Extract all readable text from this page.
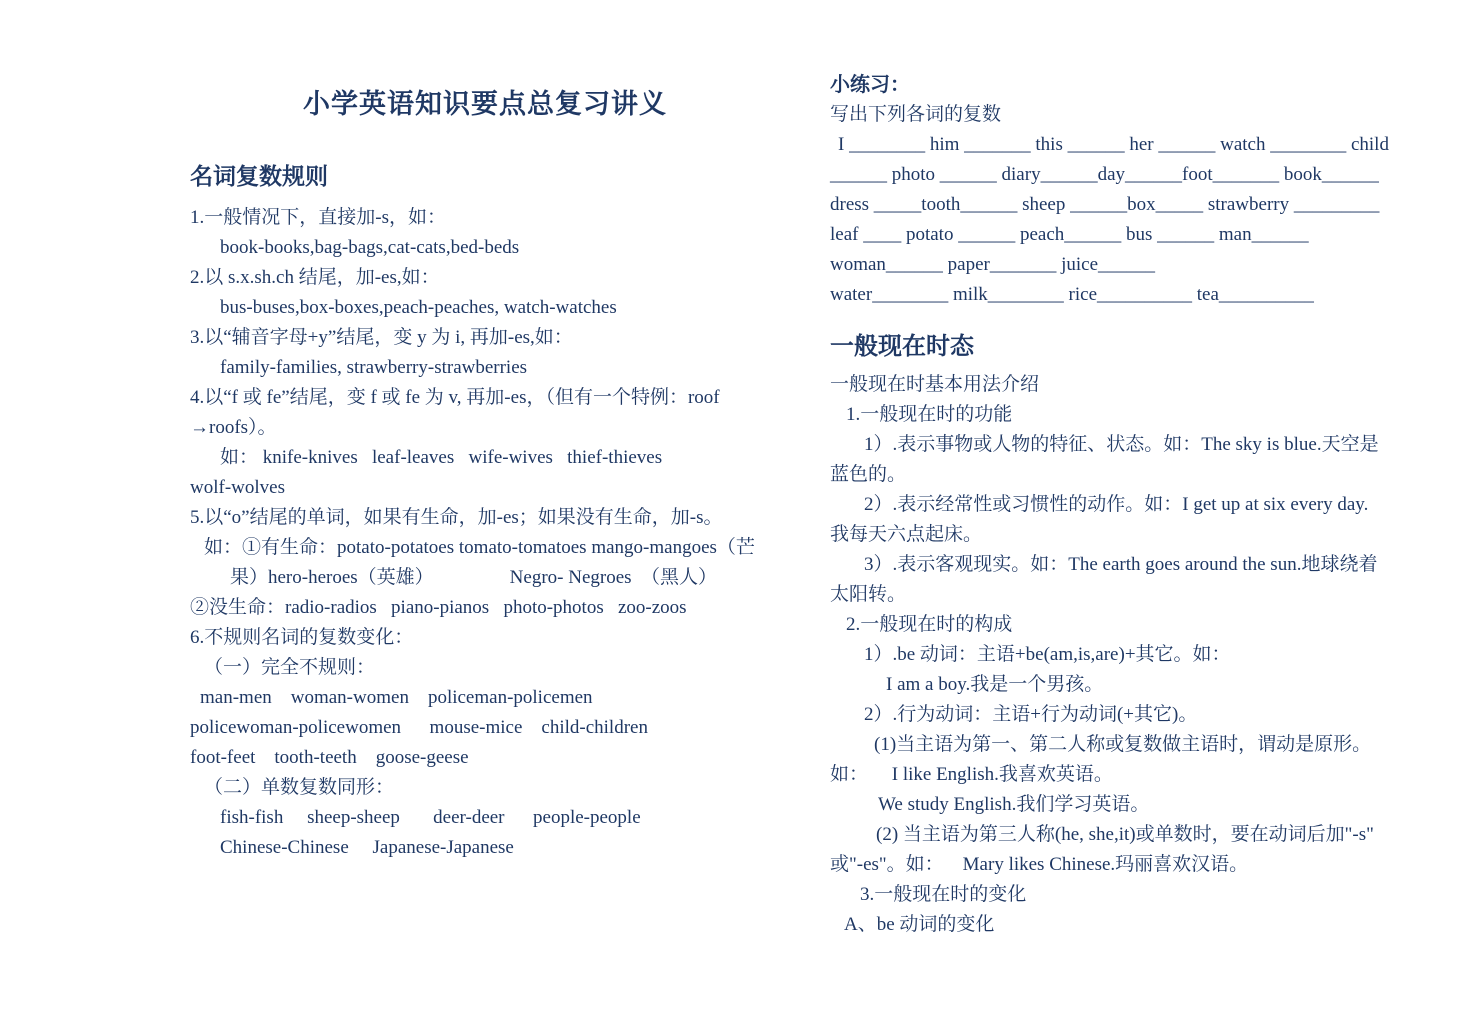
小学英语知识要点总复习讲义
名词复数规则
1.一般情况下，直接加-s，如：
book-books,bag-bags,cat-cats,bed-beds
2.以 s.x.sh.ch 结尾，加-es,如：
bus-buses,box-boxes,peach-peaches, watch-watches
3.以“辅音字母+y”结尾，变 y 为 i, 再加-es,如：
family-families, strawberry-strawberries
4.以“f 或 fe”结尾，变 f 或 fe 为 v, 再加-es，（但有一个特例：roof
→roofs）。
如： knife-knives   leaf-leaves   wife-wives   thief-thieves
wolf-wolves
5.以“o”结尾的单词，如果有生命，加-es；如果没有生命，加-s。
如：①有生命：potato-potatoes tomato-tomatoes mango-mangoes（芒
果）hero-heroes（英雄）                Negro- Negroes  （黑人）
②没生命：radio-radios   piano-pianos   photo-photos   zoo-zoos
6.不规则名词的复数变化：
（一）完全不规则：
man-men    woman-women    policeman-policemen
policewoman-policewomen      mouse-mice    child-children
foot-feet    tooth-teeth    goose-geese
（二）单数复数同形：
fish-fish     sheep-sheep       deer-deer      people-people
Chinese-Chinese     Japanese-Japanese
小练习：
写出下列各词的复数
I ________ him _______ this ______ her ______ watch ________ child
______ photo ______ diary______day______foot_______ book______
dress _____tooth______ sheep ______box_____ strawberry _________
leaf ____ potato ______ peach______ bus ______ man______
woman______ paper_______ juice______
water________ milk________ rice__________ tea__________
一般现在时态
一般现在时基本用法介绍
1.一般现在时的功能
1）.表示事物或人物的特征、状态。如：The sky is blue.天空是
蓝色的。
2）.表示经常性或习惯性的动作。如：I get up at six every day.
我每天六点起床。
3）.表示客观现实。如：The earth goes around the sun.地球绕着
太阳转。
2.一般现在时的构成
1）.be 动词：主语+be(am,is,are)+其它。如：
I am a boy.我是一个男孩。
2）.行为动词：主语+行为动词(+其它)。
(1)当主语为第一、第二人称或复数做主语时，谓动是原形。
如：     I like English.我喜欢英语。
We study English.我们学习英语。
(2) 当主语为第三人称(he, she,it)或单数时，要在动词后加"-s"
或"-es"。如：    Mary likes Chinese.玛丽喜欢汉语。
3.一般现在时的变化
A、be 动词的变化
